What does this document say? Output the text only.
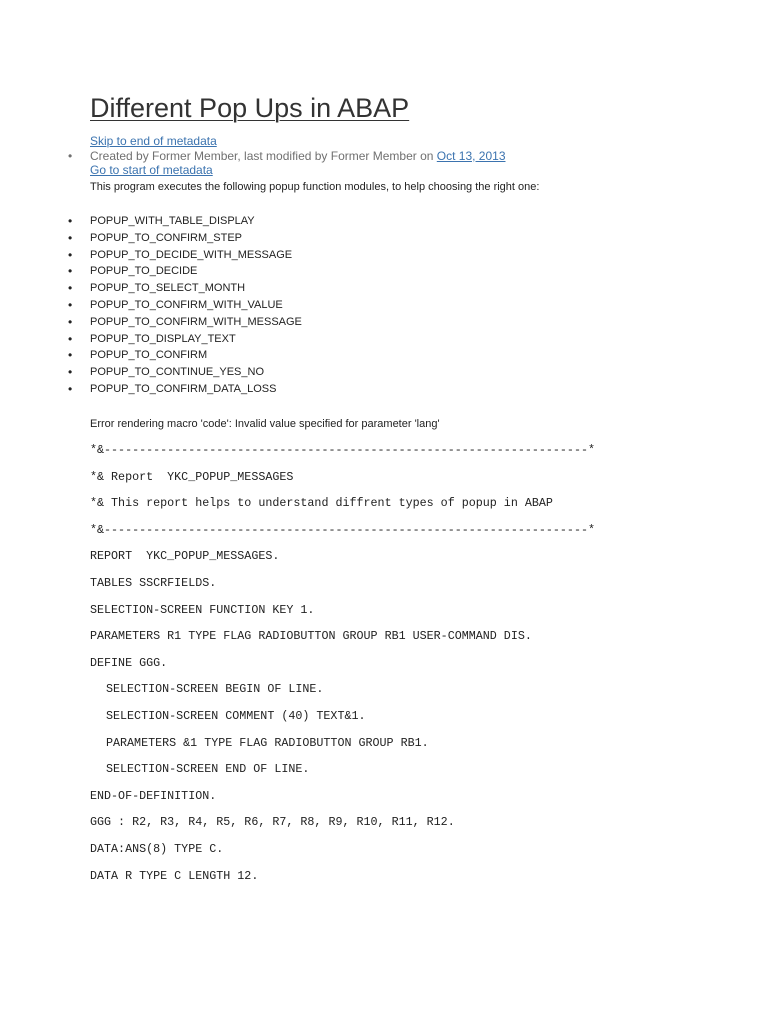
Different Pop Ups in ABAP
Skip to end of metadata
• Created by Former Member, last modified by Former Member on Oct 13, 2013
Go to start of metadata
This program executes the following popup function modules, to help choosing the right one:
• POPUP_WITH_TABLE_DISPLAY
• POPUP_TO_CONFIRM_STEP
• POPUP_TO_DECIDE_WITH_MESSAGE
• POPUP_TO_DECIDE
• POPUP_TO_SELECT_MONTH
• POPUP_TO_CONFIRM_WITH_VALUE
• POPUP_TO_CONFIRM_WITH_MESSAGE
• POPUP_TO_DISPLAY_TEXT
• POPUP_TO_CONFIRM
• POPUP_TO_CONTINUE_YES_NO
• POPUP_TO_CONFIRM_DATA_LOSS
Error rendering macro 'code': Invalid value specified for parameter 'lang'
*&---------------------------------------------------------------------*
*& Report  YKC_POPUP_MESSAGES
*& This report helps to understand diffrent types of popup in ABAP
*&---------------------------------------------------------------------*
REPORT  YKC_POPUP_MESSAGES.
TABLES SSCRFIELDS.
SELECTION-SCREEN FUNCTION KEY 1.
PARAMETERS R1 TYPE FLAG RADIOBUTTON GROUP RB1 USER-COMMAND DIS.
DEFINE GGG.
SELECTION-SCREEN BEGIN OF LINE.
SELECTION-SCREEN COMMENT (40) TEXT&1.
PARAMETERS &1 TYPE FLAG RADIOBUTTON GROUP RB1.
SELECTION-SCREEN END OF LINE.
END-OF-DEFINITION.
GGG : R2, R3, R4, R5, R6, R7, R8, R9, R10, R11, R12.
DATA:ANS(8) TYPE C.
DATA R TYPE C LENGTH 12.
